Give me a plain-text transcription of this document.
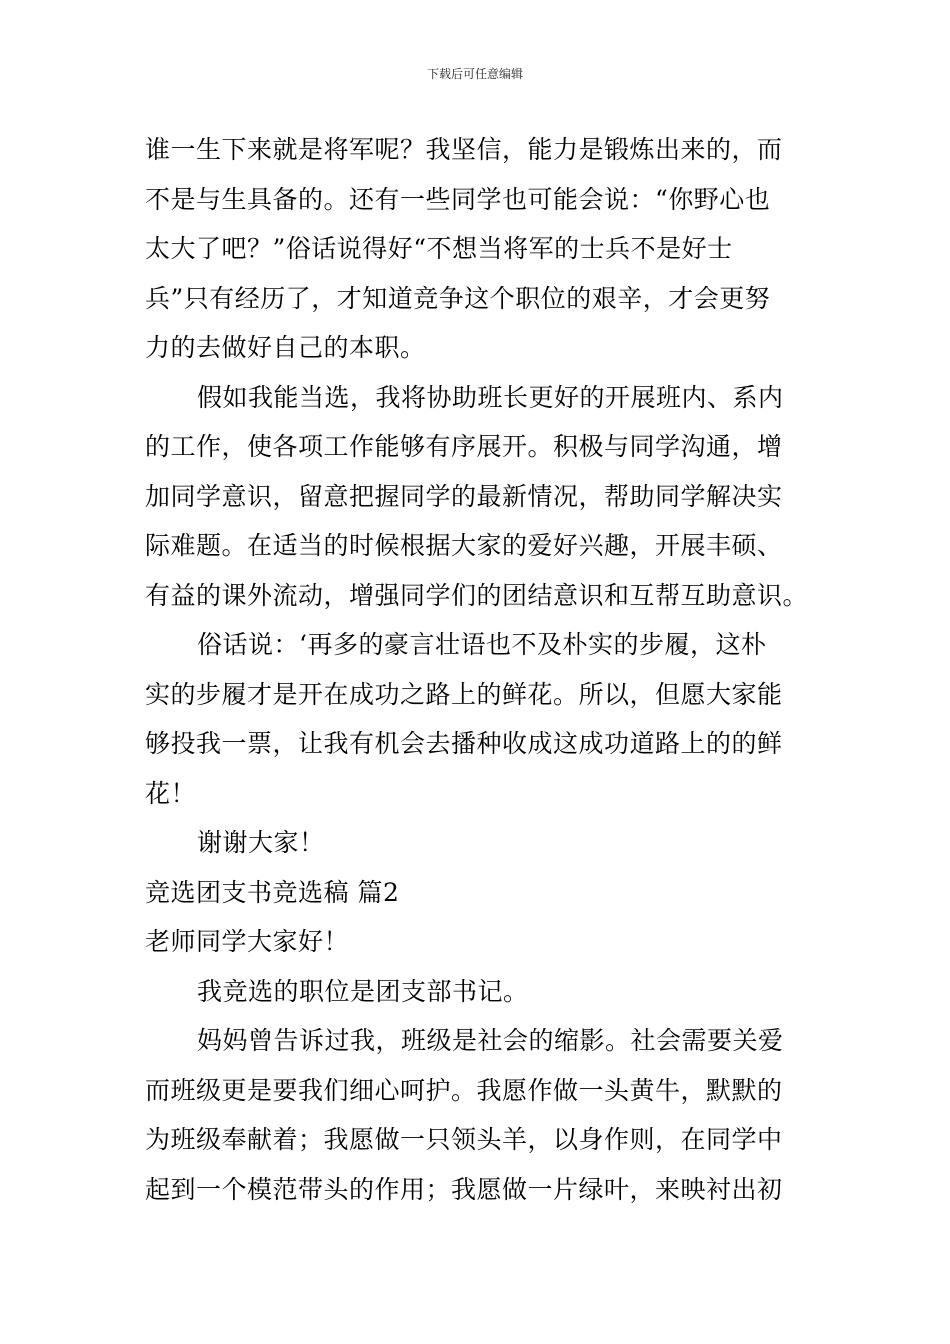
下载后可任意编辑
谁一生下来就是将军呢？我坚信，能力是锻炼出来的，而
不是与生具备的。还有一些同学也可能会说：“你野心也
太大了吧？”俗话说得好“不想当将军的士兵不是好士
兵”只有经历了，才知道竞争这个职位的艰辛，才会更努
力的去做好自己的本职。
假如我能当选，我将协助班长更好的开展班内、系内
的工作，使各项工作能够有序展开。积极与同学沟通，增
加同学意识，留意把握同学的最新情况，帮助同学解决实
际难题。在适当的时候根据大家的爱好兴趣，开展丰硕、
有益的课外流动，增强同学们的团结意识和互帮互助意识。
俗话说：‘再多的豪言壮语也不及朴实的步履，这朴
实的步履才是开在成功之路上的鲜花。所以，但愿大家能
够投我一票，让我有机会去播种收成这成功道路上的的鲜
花！
谢谢大家！
竞选团支书竞选稿 篇2
老师同学大家好！
我竞选的职位是团支部书记。
妈妈曾告诉过我，班级是社会的缩影。社会需要关爱
而班级更是要我们细心呵护。我愿作做一头黄牛，默默的
为班级奉献着；我愿做一只领头羊，以身作则，在同学中
起到一个模范带头的作用；我愿做一片绿叶，来映衬出初
